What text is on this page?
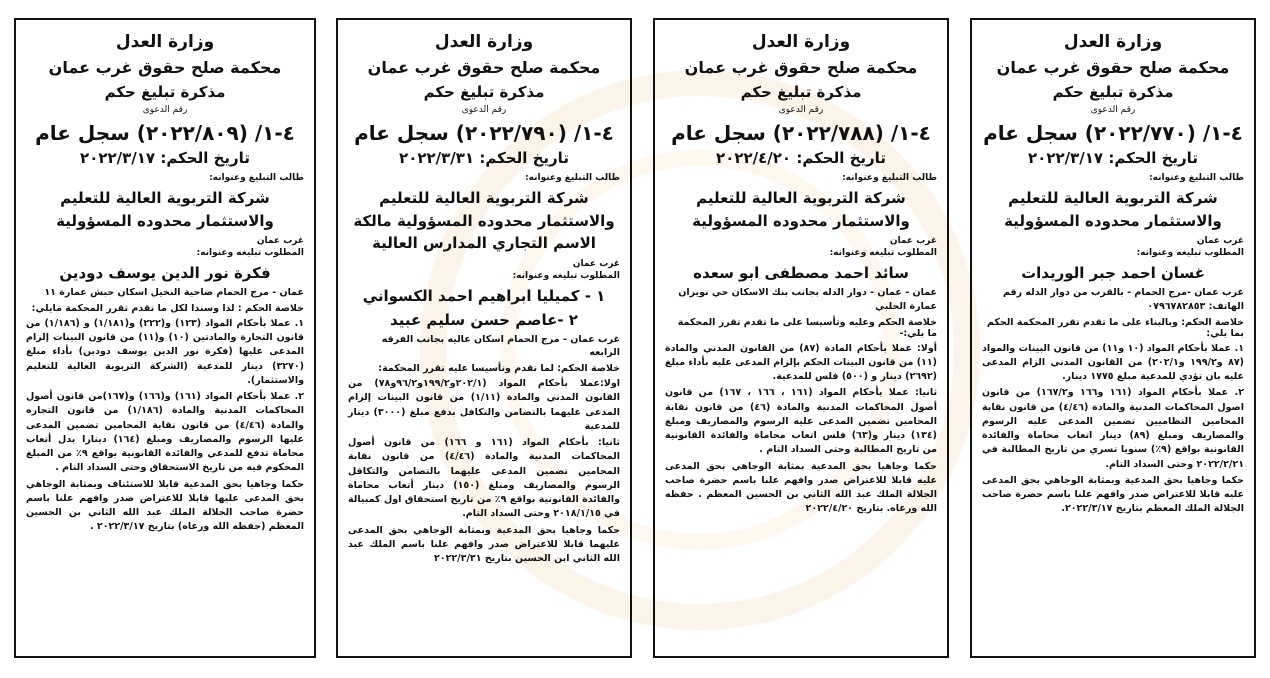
وزارة العدل
محكمة صلح حقوق غرب عمان
مذكرة تبليغ حكم
رقم الدعوى
٤-١/ (٢٠٢٢/٧٧٠) سجل عام
تاريخ الحكم: ٢٠٢٢/٣/١٧
طالب التبليغ وعنوانه:
شركة التربوية العالية للتعليم والاستثمار محدوده المسؤولية
غرب عمان
المطلوب تبليغه وعنوانه:
غسان احمد جبر الوريدات
غرب عمان -مرج الحمام - بالقرب من دوار الدله رقم الهاتف: ٠٧٩٦٧٨٢٨٥٣
خلاصة الحكم: وبالبناء على ما تقدم تقرر المحكمة الحكم بما يلي:

١. عملا بأحكام المواد (١٠ و١١) من قانون البينات والمواد (٨٧ و١٩٩/٢ و٢٠٢/١) من القانون المدني الزام المدعى عليه بان تؤدي للمدعية مبلغ ١٧٧٥ دينار.

٢. عملا بأحكام المواد (١٦١ و١٦٦ و١٦٧/٢) من قانون اصول المحاكمات المدنية والمادة (٤/٤٦) من قانون نقابة المحامين النظاميين تضمين المدعى عليه الرسوم والمصاريف ومبلغ (٨٩) دينار اتعاب محاماة والفائدة القانونية بواقع (٩٪) سنويا تسري من تاريخ المطالبة في ٢٠٢٢/٢/٢١ وحتى السداد التام.

حكما وجاهيا بحق المدعية وبمثابة الوجاهي بحق المدعى عليه قابلا للاعتراض صدر وافهم علنا باسم حضرة صاحب الجلالة الملك المعظم بتاريخ ٢٠٢٢/٣/١٧.

وزارة العدل
محكمة صلح حقوق غرب عمان
مذكرة تبليغ حكم
رقم الدعوى
٤-١/ (٢٠٢٢/٧٨٨) سجل عام
تاريخ الحكم: ٢٠٢٢/٤/٢٠
طالب التبليغ وعنوانه:
شركة التربوية العالية للتعليم والاستثمار محدوده المسؤولية
غرب عمان
المطلوب تبليغه وعنوانه:
سائد احمد مصطفى ابو سعده
عمان - عمان - دوار الدله بجانب بنك الاسكان حي نويران عمارة الحلبي
خلاصة الحكم وعليه وتأسيسا على ما تقدم تقرر المحكمة ما يلي:-

أولا: عملا بأحكام المادة (٨٧) من القانون المدني والمادة (١١) من قانون البينات الحكم بإلزام المدعى عليه بأداء مبلغ (٢٦٩٢) دينار و (٥٠٠) فلس للمدعية.

ثانيا: عملا بأحكام المواد (١٦١ ، ١٦٦ ، ١٦٧) من قانون أصول المحاكمات المدنية والمادة (٤٦) من قانون نقابة المحامين تضمين المدعى عليه الرسوم والمصاريف ومبلغ (١٣٤) دينار و(٦٣) فلس اتعاب محاماة والفائدة القانونية من تاريخ المطالبة وحتى السداد التام .

حكما وجاهيا بحق المدعية بمثابة الوجاهي بحق المدعى عليه قابلا للاعتراض صدر وافهم علنا باسم حضرة صاحب الجلالة الملك عبد الله الثاني بن الحسين المعظم . حفظه الله ورعاه. بتاريخ ٢٠٢٢/٤/٢٠

وزارة العدل
محكمة صلح حقوق غرب عمان
مذكرة تبليغ حكم
رقم الدعوى
٤-١/ (٢٠٢٢/٧٩٠) سجل عام
تاريخ الحكم: ٢٠٢٢/٣/٣١
طالب التبليغ وعنوانه:
شركة التربوية العالية للتعليم والاستثمار محدوده المسؤولية مالكة الاسم التجاري المدارس العالية
غرب عمان
المطلوب تبليغه وعنوانه:
١ - كميليا ابراهيم احمد الكسواني
٢ -عاصم حسن سليم عبيد
غرب عمان - مرج الحمام اسكان عاليه بجانب الفرقه الرابعه
خلاصة الحكم: لما تقدم وتأسيسا عليه تقرر المحكمة:

اولا:عملا بأحكام المواد (٢٠٢/١و١٩٩/٢و٩٦/٢و٧٨) من القانون المدني والمادة (١/١١) من قانون البينات إلزام المدعى عليهما بالتضامن والتكافل بدفع مبلغ (٣٠٠٠) دينار للمدعية

ثانيا: بأحكام المواد (١٦١ و ١٦٦) من قانون أصول المحاكمات المدنية والمادة (٤/٤٦) من قانون نقابة المحامين تضمين المدعى عليهما بالتضامن والتكافل الرسوم والمصاريف ومبلغ (١٥٠) دينار أتعاب محاماة والفائدة القانونية بواقع ٩٪ من تاريخ استحقاق اول كمبيالة في ٢٠١٨/١/١٥ وحتى السداد التام.

حكما وجاهيا بحق المدعية وبمثابة الوجاهي بحق المدعى عليهما قابلا للاعتراض صدر وافهم علنا باسم الملك عبد الله الثاني ابن الحسين بتاريخ ٢٠٢٢/٣/٣١

وزارة العدل
محكمة صلح حقوق غرب عمان
مذكرة تبليغ حكم
رقم الدعوى
٤-١/ (٢٠٢٢/٨٠٩) سجل عام
تاريخ الحكم: ٢٠٢٢/٣/١٧
طالب التبليغ وعنوانه:
شركة التربوية العالية للتعليم والاستثمار محدوده المسؤولية
غرب عمان
المطلوب تبليغه وعنوانه:
فكرة نور الدين يوسف دودين
عمان - مرج الحمام ضاحية النخيل اسكان حبش عمارة ١١
خلاصة الحكم : لذا وسندا لكل ما تقدم تقرر المحكمة مايلي:

١. عملا بأحكام المواد (١٢٣) و(٢٢٢) و(١/١٨١) و (١/١٨٦) من قانون التجارة والمادتين (١٠) و(١١) من قانون البينات إلزام المدعى عليها (فكرة نور الدين يوسف دودين) بأداء مبلغ (٣٢٧٠) دينار للمدعية (الشركة التربوية العالية للتعليم والاستثمار).

٢. عملا بأحكام المواد (١٦١) و(١٦٦) و(١٦٧)من قانون أصول المحاكمات المدنية والمادة (١/١٨٦) من قانون التجاره والمادة (٤/٤٦) من قانون نقابة المحامين تضمين المدعى عليها الرسوم والمصاريف ومبلغ (١٦٤) دينارا بدل أتعاب محاماة تدفع للمدعي والفائدة القانونية بواقع ٩٪ من المبلغ المحكوم فيه من تاريخ الاستحقاق وحتى السداد التام .

حكما وجاهيا بحق المدعية قابلا للاستئناف وبمثابة الوجاهي بحق المدعى عليها قابلا للاعتراض صدر وافهم علنا باسم حضرة صاحب الجلالة الملك عبد الله الثاني بن الحسين المعظم (حفظه الله ورعاه) بتاريخ ٢٠٢٢/٣/١٧ .
